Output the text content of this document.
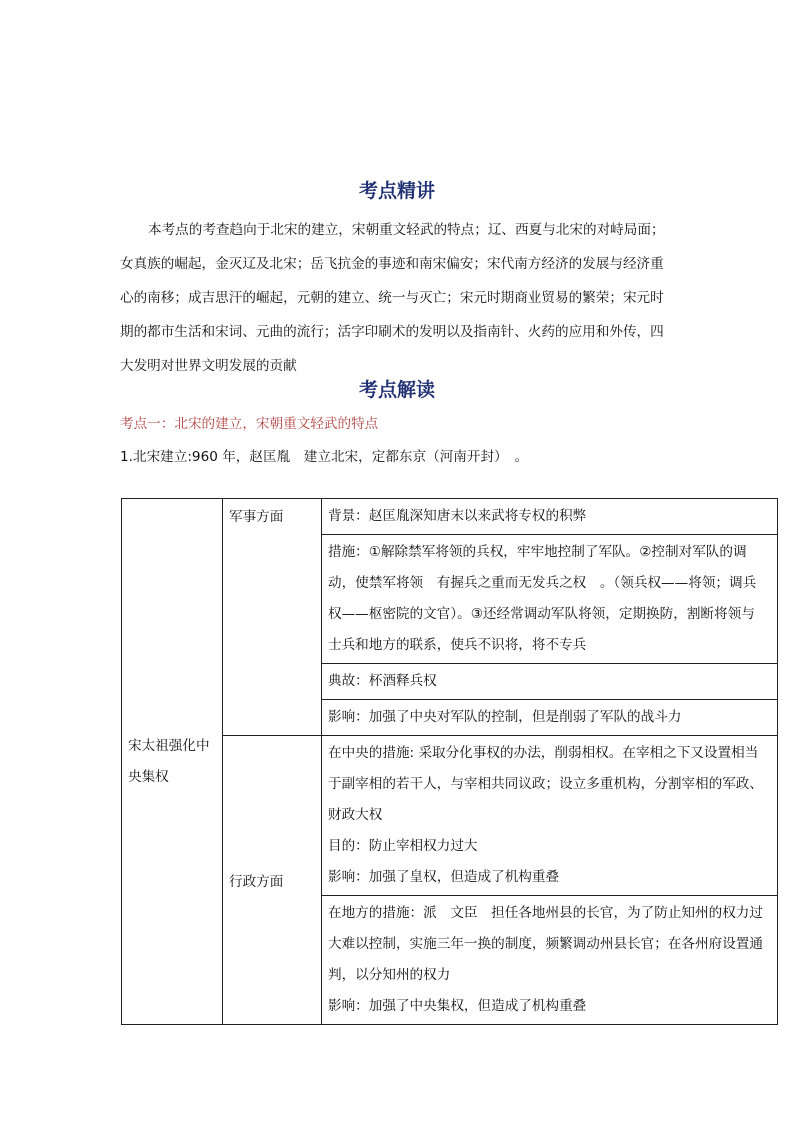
考点精讲
本考点的考查趋向于北宋的建立，宋朝重文轻武的特点；辽、西夏与北宋的对峙局面；
女真族的崛起，金灭辽及北宋；岳飞抗金的事迹和南宋偏安；宋代南方经济的发展与经济重
心的南移；成吉思汗的崛起，元朝的建立、统一与灭亡；宋元时期商业贸易的繁荣；宋元时
期的都市生活和宋词、元曲的流行；活字印刷术的发明以及指南针、火药的应用和外传，四
大发明对世界文明发展的贡献
考点解读

考点一：北宋的建立，宋朝重文轻武的特点

1.北宋建立:960 年，赵匡胤　建立北宋，定都东京（河南开封）　。

宋太祖强化中
央集权	军事方面	背景：赵匡胤深知唐末以来武将专权的积弊

		措施：①解除禁军将领的兵权，牢牢地控制了军队。②控制对军队的调
动，使禁军将领　有握兵之重而无发兵之权　。（领兵权——将领；调兵
权——枢密院的文官）。③还经常调动军队将领，定期换防，割断将领与
士兵和地方的联系，使兵不识将，将不专兵

		典故：杯酒释兵权

		影响：加强了中央对军队的控制，但是削弱了军队的战斗力

	行政方面	在中央的措施: 采取分化事权的办法，削弱相权。在宰相之下又设置相当
于副宰相的若干人，与宰相共同议政；设立多重机构，分割宰相的军政、
财政大权
目的：防止宰相权力过大
影响：加强了皇权，但造成了机构重叠

		在地方的措施：派　文臣　担任各地州县的长官，为了防止知州的权力过
大难以控制，实施三年一换的制度，频繁调动州县长官；在各州府设置通
判，以分知州的权力
影响：加强了中央集权，但造成了机构重叠
